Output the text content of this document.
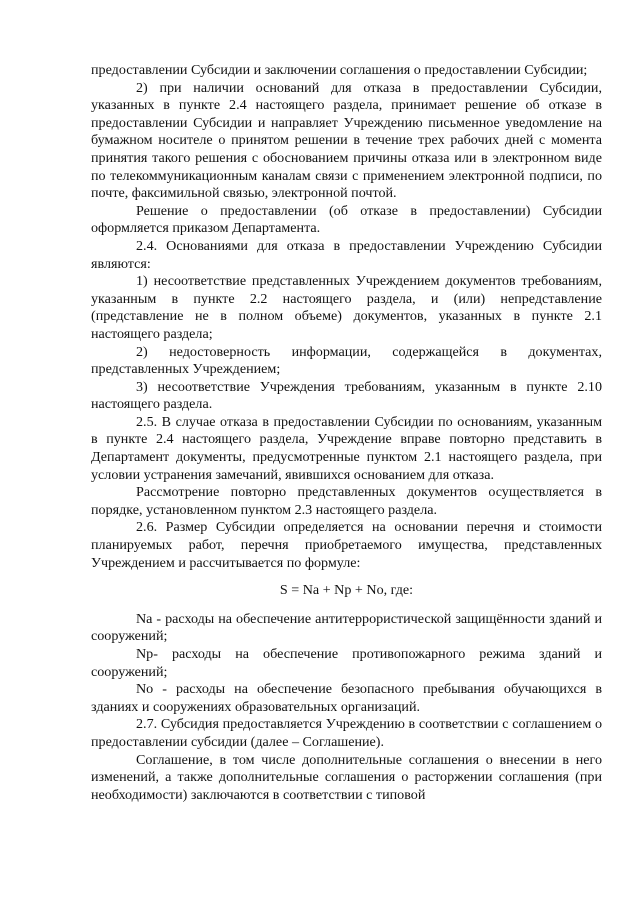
предоставлении Субсидии и заключении соглашения о предоставлении Субсидии;

2) при наличии оснований для отказа в предоставлении Субсидии, указанных в пункте 2.4 настоящего раздела, принимает решение об отказе в предоставлении Субсидии и направляет Учреждению письменное уведомление на бумажном носителе о принятом решении в течение трех рабочих дней с момента принятия такого решения с обоснованием причины отказа или в электронном виде по телекоммуникационным каналам связи с применением электронной подписи, по почте, факсимильной связью, электронной почтой.

Решение о предоставлении (об отказе в предоставлении) Субсидии оформляется приказом Департамента.

2.4. Основаниями для отказа в предоставлении Учреждению Субсидии являются:

1) несоответствие представленных Учреждением документов требованиям, указанным в пункте 2.2 настоящего раздела, и (или) непредставление (представление не в полном объеме) документов, указанных в пункте 2.1 настоящего раздела;

2) недостоверность информации, содержащейся в документах, представленных Учреждением;

3) несоответствие Учреждения требованиям, указанным в пункте 2.10 настоящего раздела.

2.5. В случае отказа в предоставлении Субсидии по основаниям, указанным в пункте 2.4 настоящего раздела, Учреждение вправе повторно представить в Департамент документы, предусмотренные пунктом 2.1 настоящего раздела, при условии устранения замечаний, явившихся основанием для отказа.

Рассмотрение повторно представленных документов осуществляется в порядке, установленном пунктом 2.3 настоящего раздела.

2.6. Размер Субсидии определяется на основании перечня и стоимости планируемых работ, перечня приобретаемого имущества, представленных Учреждением и рассчитывается по формуле:

S = Na + Np + No, где:

Na - расходы на обеспечение антитеррористической защищённости зданий и сооружений;

Np- расходы на обеспечение противопожарного режима зданий и сооружений;

No - расходы на обеспечение безопасного пребывания обучающихся в зданиях и сооружениях образовательных организаций.

2.7. Субсидия предоставляется Учреждению в соответствии с соглашением о предоставлении субсидии (далее – Соглашение).

Соглашение, в том числе дополнительные соглашения о внесении в него изменений, а также дополнительные соглашения о расторжении соглашения (при необходимости) заключаются в соответствии с типовой
